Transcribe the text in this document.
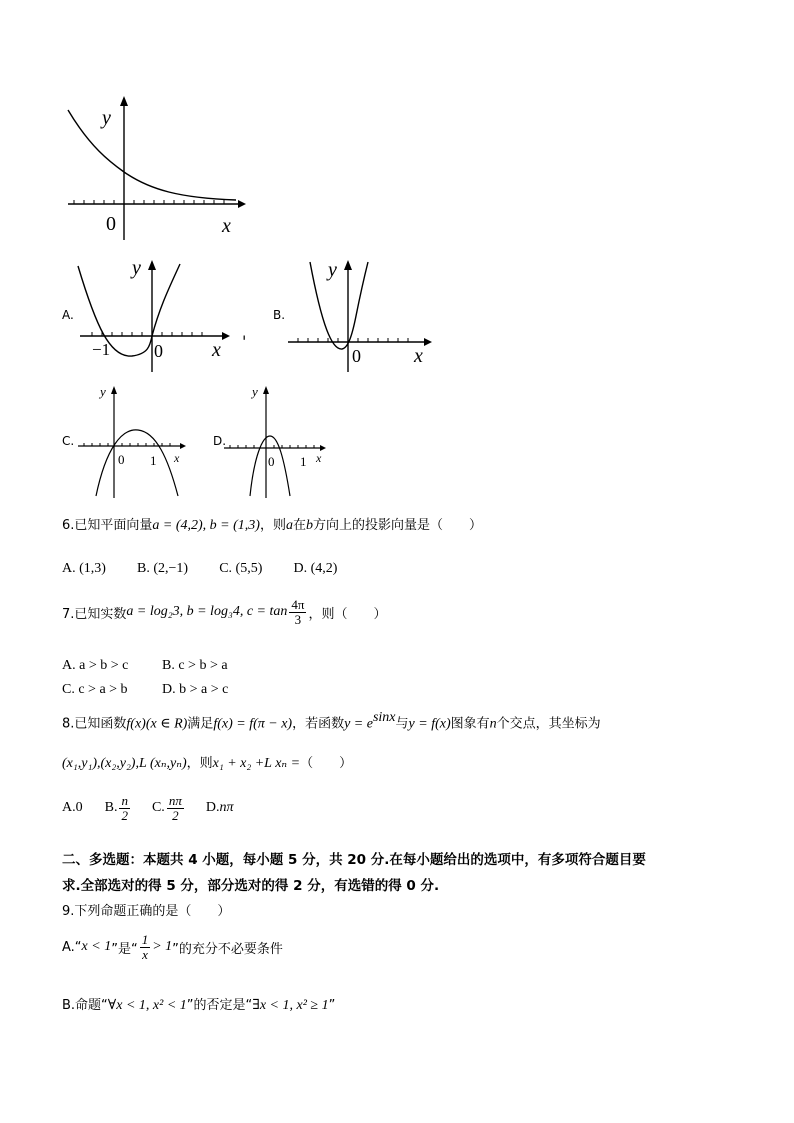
y
0	x
A.
y
−1 0 x '
B.
y
0	x
C.
y
0 1 x
D.
y
0 1 x
6.已知平面向量a = (4,2), b = (1,3)，则a在b方向上的投影向量是（　　）
A. (1,3) B. (2,−1) C. (5,5) D. (4,2)
7.已知实数 a = log₂3, b = log₃4, $c = \tan \frac{4\pi}{3}$ ，则（　　）
A. a > b > c B. c > b > a
C. c > a > b D. b > a > c
8.已知函数f(x)(x ∈ R)满足f(x) = f(π − x)，若函数$y = e^{sinx}$与y = f(x)图象有n个交点，其坐标为
(x₁,y₁),(x₂,y₂),L (xₙ,yₙ)，则x₁ + x₂ +L xₙ =（　　）
A.0 B. $\frac{n}{2} C$. $\frac{n\pi}{2} D$. nπ
二、多选题：本题共 4 小题，每小题 5 分，共 20 分.在每小题给出的选项中，有多项符合题目要
求.全部选对的得 5 分，部分选对的得 2 分，有选错的得 0 分.
9.下列命题正确的是（　　）
A.“ x < 1 ”是“ $\frac{1}{x} > 1$ ”的充分不必要条件
B.命题“∀x < 1, x² < 1”的否定是“∃x < 1, x² ≥ 1”
